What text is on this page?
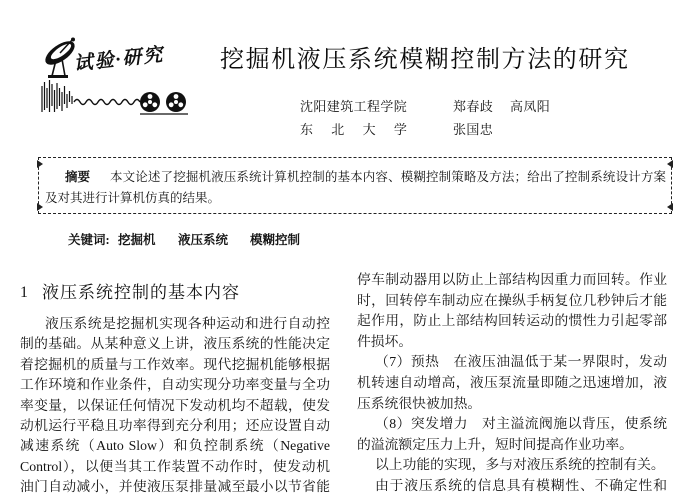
试验·研究 挖掘机液压系统模糊控制方法的研究
沈阳建筑工程学院	郑春歧 高凤阳
东北大学 张国忠
摘要 本文论述了挖掘机液压系统计算机控制的基本内容、模糊控制策略及方法；给出了控制系统设计方案
及对其进行计算机仿真的结果。
关键词: 挖掘机 液压系统 模糊控制
1 液压系统控制的基本内容
液压系统是挖掘机实现各种运动和进行自动控
制的基础。从某种意义上讲，液压系统的性能决定
着挖掘机的质量与工作效率。现代挖掘机能够根据
工作环境和作业条件，自动实现分功率变量与全功
率变量，以保证任何情况下发动机均不超载，使发
动机运行平稳且功率得到充分利用；还应设置自动
减速系统（Auto Slow）和负控制系统（Negative
Control），以便当其工作装置不动作时，使发动机
油门自动减小，并使液压泵排量减至最小以节省能
停车制动器用以防止上部结构因重力而回转。作业
时，回转停车制动应在操纵手柄复位几秒钟后才能
起作用，防止上部结构回转运动的惯性力引起零部
件损坏。
（7）预热 在液压油温低于某一界限时，发动
机转速自动增高，液压泵流量即随之迅速增加，液
压系统很快被加热。
（8）突发增力 对主溢流阀施以背压，使系统
的溢流额定压力上升，短时间提高作业功率。
以上功能的实现，多与对液压系统的控制有关。
由于液压系统的信息具有模糊性、不确定性和
